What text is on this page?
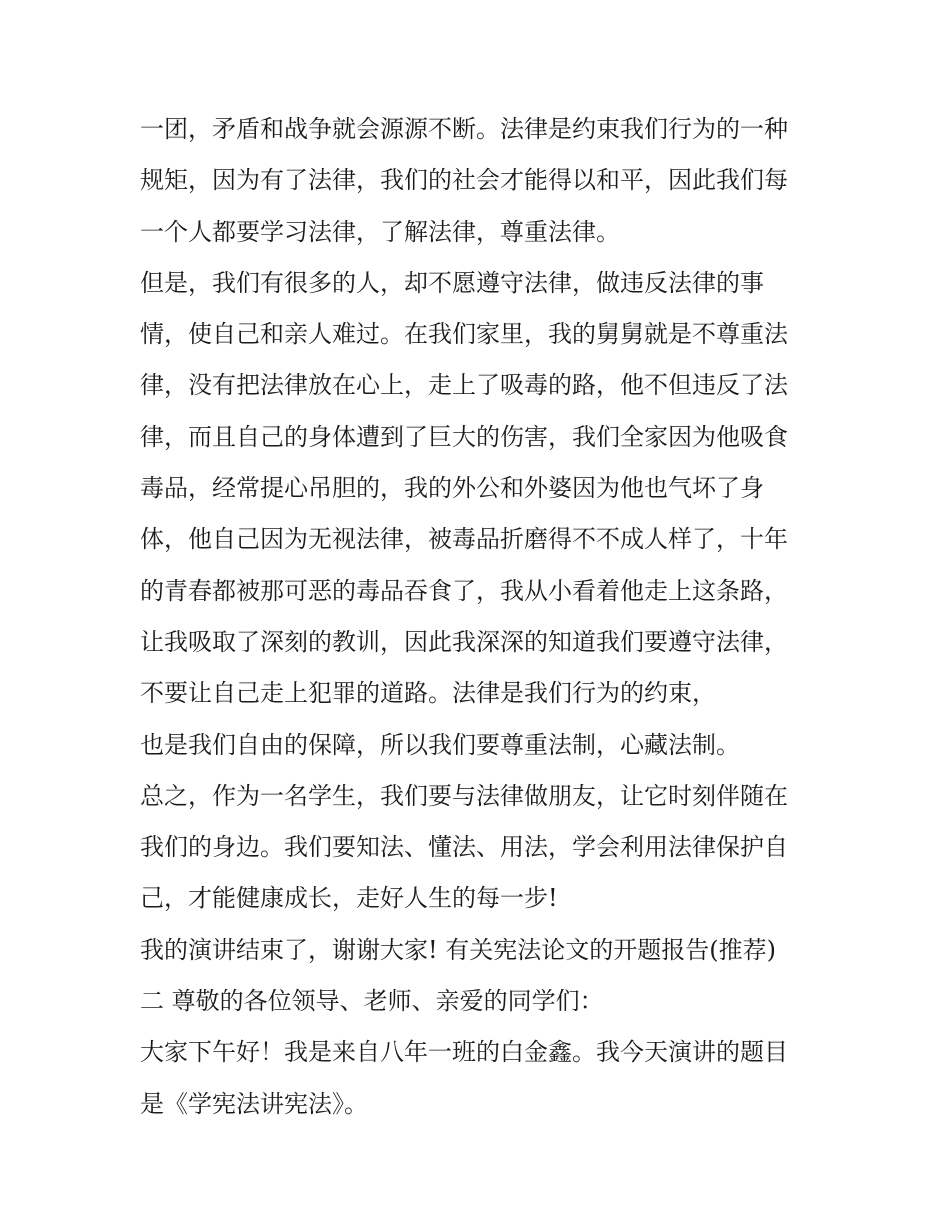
一团，矛盾和战争就会源源不断。法律是约束我们行为的一种
规矩，因为有了法律，我们的社会才能得以和平，因此我们每
一个人都要学习法律，了解法律，尊重法律。
但是，我们有很多的人，却不愿遵守法律，做违反法律的事
情，使自己和亲人难过。在我们家里，我的舅舅就是不尊重法
律，没有把法律放在心上，走上了吸毒的路，他不但违反了法
律，而且自己的身体遭到了巨大的伤害，我们全家因为他吸食
毒品，经常提心吊胆的，我的外公和外婆因为他也气坏了身
体，他自己因为无视法律，被毒品折磨得不不成人样了，十年
的青春都被那可恶的毒品吞食了，我从小看着他走上这条路，
让我吸取了深刻的教训，因此我深深的知道我们要遵守法律，
不要让自己走上犯罪的道路。法律是我们行为的约束，
也是我们自由的保障，所以我们要尊重法制，心藏法制。
总之，作为一名学生，我们要与法律做朋友，让它时刻伴随在
我们的身边。我们要知法、懂法、用法，学会利用法律保护自
己，才能健康成长，走好人生的每一步!
我的演讲结束了，谢谢大家! 有关宪法论文的开题报告(推荐)
二 尊敬的各位领导、老师、亲爱的同学们：
大家下午好！我是来自八年一班的白金鑫。我今天演讲的题目
是《学宪法讲宪法》。
